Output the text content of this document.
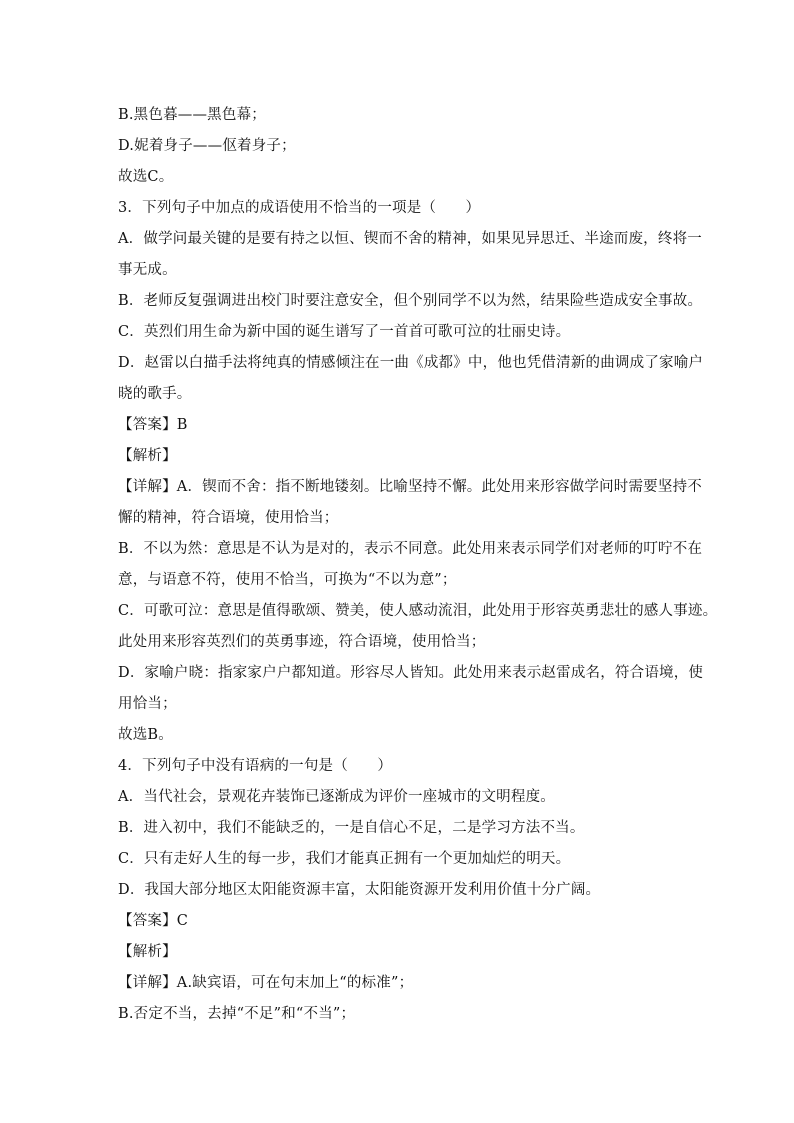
B.黑色暮——黑色幕；
D.妮着身子——伛着身子；
故选C。
3．下列句子中加点的成语使用不恰当的一项是（　　）
A．做学问最关键的是要有持之以恒、锲而不舍的精神，如果见异思迁、半途而废，终将一
事无成。
B．老师反复强调进出校门时要注意安全，但个别同学不以为然，结果险些造成安全事故。
C．英烈们用生命为新中国的诞生谱写了一首首可歌可泣的壮丽史诗。
D．赵雷以白描手法将纯真的情感倾注在一曲《成都》中，他也凭借清新的曲调成了家喻户
晓的歌手。
【答案】B
【解析】
【详解】A．锲而不舍：指不断地镂刻。比喻坚持不懈。此处用来形容做学问时需要坚持不
懈的精神，符合语境，使用恰当；
B．不以为然：意思是不认为是对的，表示不同意。此处用来表示同学们对老师的叮咛不在
意，与语意不符，使用不恰当，可换为“不以为意”；
C．可歌可泣：意思是值得歌颂、赞美，使人感动流泪，此处用于形容英勇悲壮的感人事迹。
此处用来形容英烈们的英勇事迹，符合语境，使用恰当；
D．家喻户晓：指家家户户都知道。形容尽人皆知。此处用来表示赵雷成名，符合语境，使
用恰当；
故选B。
4．下列句子中没有语病的一句是（　　）
A．当代社会，景观花卉装饰已逐渐成为评价一座城市的文明程度。
B．进入初中，我们不能缺乏的，一是自信心不足，二是学习方法不当。
C．只有走好人生的每一步，我们才能真正拥有一个更加灿烂的明天。
D．我国大部分地区太阳能资源丰富，太阳能资源开发利用价值十分广阔。
【答案】C
【解析】
【详解】A.缺宾语，可在句末加上“的标准”；
B.否定不当，去掉“不足”和“不当”；
